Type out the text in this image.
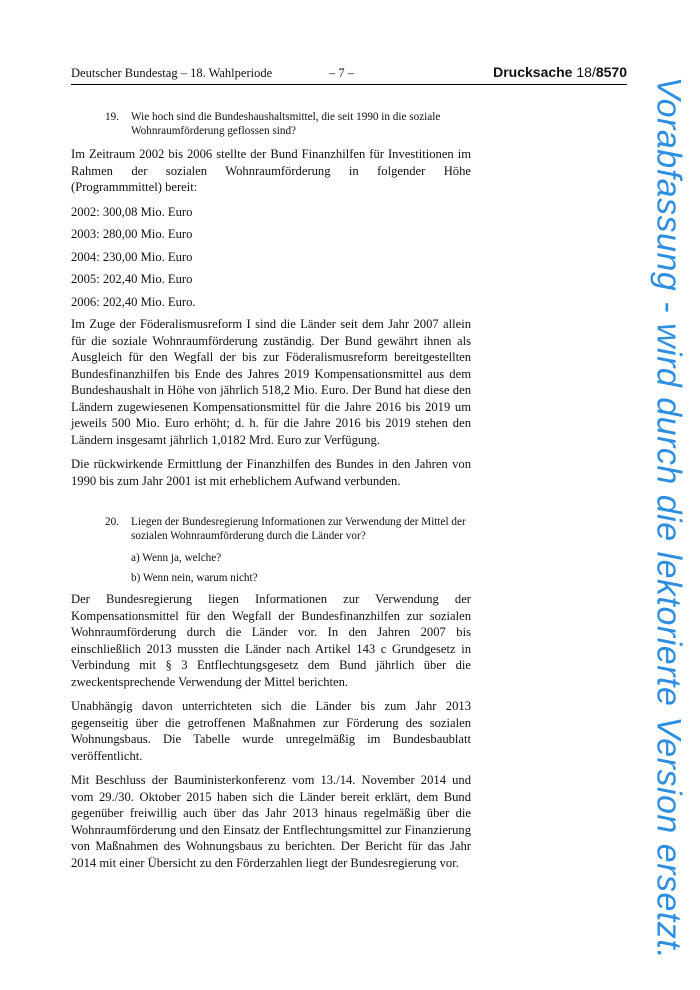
Deutscher Bundestag – 18. Wahlperiode	– 7 –	Drucksache 18/8570
19.	Wie hoch sind die Bundeshaushaltsmittel, die seit 1990 in die soziale Wohnraumförderung geflossen sind?

Im Zeitraum 2002 bis 2006 stellte der Bund Finanzhilfen für Investitionen im Rahmen der sozialen Wohnraumförderung in folgender Höhe (Programmmittel) bereit:

2002: 300,08 Mio. Euro

2003: 280,00 Mio. Euro

2004: 230,00 Mio. Euro

2005: 202,40 Mio. Euro

2006: 202,40 Mio. Euro.

Im Zuge der Föderalismusreform I sind die Länder seit dem Jahr 2007 allein für die soziale Wohnraumförderung zuständig. Der Bund gewährt ihnen als Ausgleich für den Wegfall der bis zur Föderalismusreform bereitgestellten Bundesfinanzhilfen bis Ende des Jahres 2019 Kompensationsmittel aus dem Bundeshaushalt in Höhe von jährlich 518,2 Mio. Euro. Der Bund hat diese den Ländern zugewiesenen Kompensationsmittel für die Jahre 2016 bis 2019 um jeweils 500 Mio. Euro erhöht; d. h. für die Jahre 2016 bis 2019 stehen den Ländern insgesamt jährlich 1,0182 Mrd. Euro zur Verfügung.

Die rückwirkende Ermittlung der Finanzhilfen des Bundes in den Jahren von 1990 bis zum Jahr 2001 ist mit erheblichem Aufwand verbunden.

20.	Liegen der Bundesregierung Informationen zur Verwendung der Mittel der sozialen Wohnraumförderung durch die Länder vor?
a) Wenn ja, welche?
b) Wenn nein, warum nicht?

Der Bundesregierung liegen Informationen zur Verwendung der Kompensationsmittel für den Wegfall der Bundesfinanzhilfen zur sozialen Wohnraumförderung durch die Länder vor. In den Jahren 2007 bis einschließlich 2013 mussten die Länder nach Artikel 143 c Grundgesetz in Verbindung mit § 3 Entflechtungsgesetz dem Bund jährlich über die zweckentsprechende Verwendung der Mittel berichten.

Unabhängig davon unterrichteten sich die Länder bis zum Jahr 2013 gegenseitig über die getroffenen Maßnahmen zur Förderung des sozialen Wohnungsbaus. Die Tabelle wurde unregelmäßig im Bundesbaublatt veröffentlicht.

Mit Beschluss der Bauministerkonferenz vom 13./14. November 2014 und vom 29./30. Oktober 2015 haben sich die Länder bereit erklärt, dem Bund gegenüber freiwillig auch über das Jahr 2013 hinaus regelmäßig über die Wohnraumförderung und den Einsatz der Entflechtungsmittel zur Finanzierung von Maßnahmen des Wohnungsbaus zu berichten. Der Bericht für das Jahr 2014 mit einer Übersicht zu den Förderzahlen liegt der Bundesregierung vor.	Vorabfassung - wird durch die lektorierte Version ersetzt.
